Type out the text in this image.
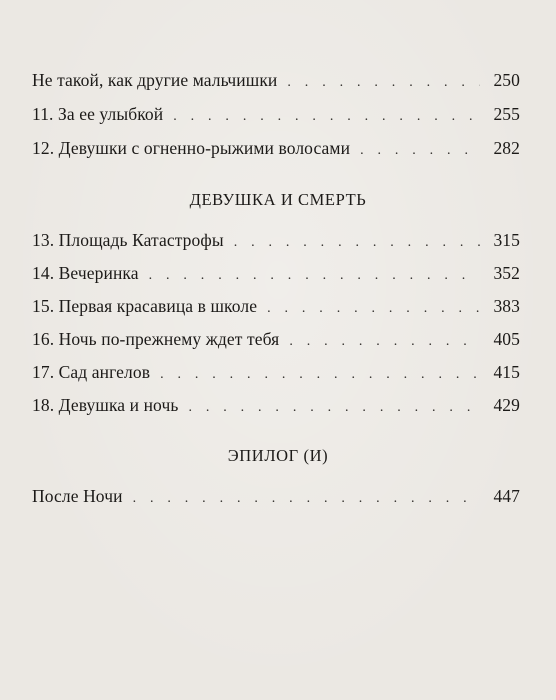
Не такой, как другие мальчишки . . .	250
11. За ее улыбкой . . .	255
12. Девушки с огненно-рыжими волосами . . .	282
ДЕВУШКА И СМЕРТЬ
13. Площадь Катастрофы . . .	315
14. Вечеринка . . .	352
15. Первая красавица в школе . . .	383
16. Ночь по-прежнему ждет тебя . . .	405
17. Сад ангелов . . .	415
18. Девушка и ночь . . .	429
ЭПИЛОГ (И)
После Ночи . . .	447
